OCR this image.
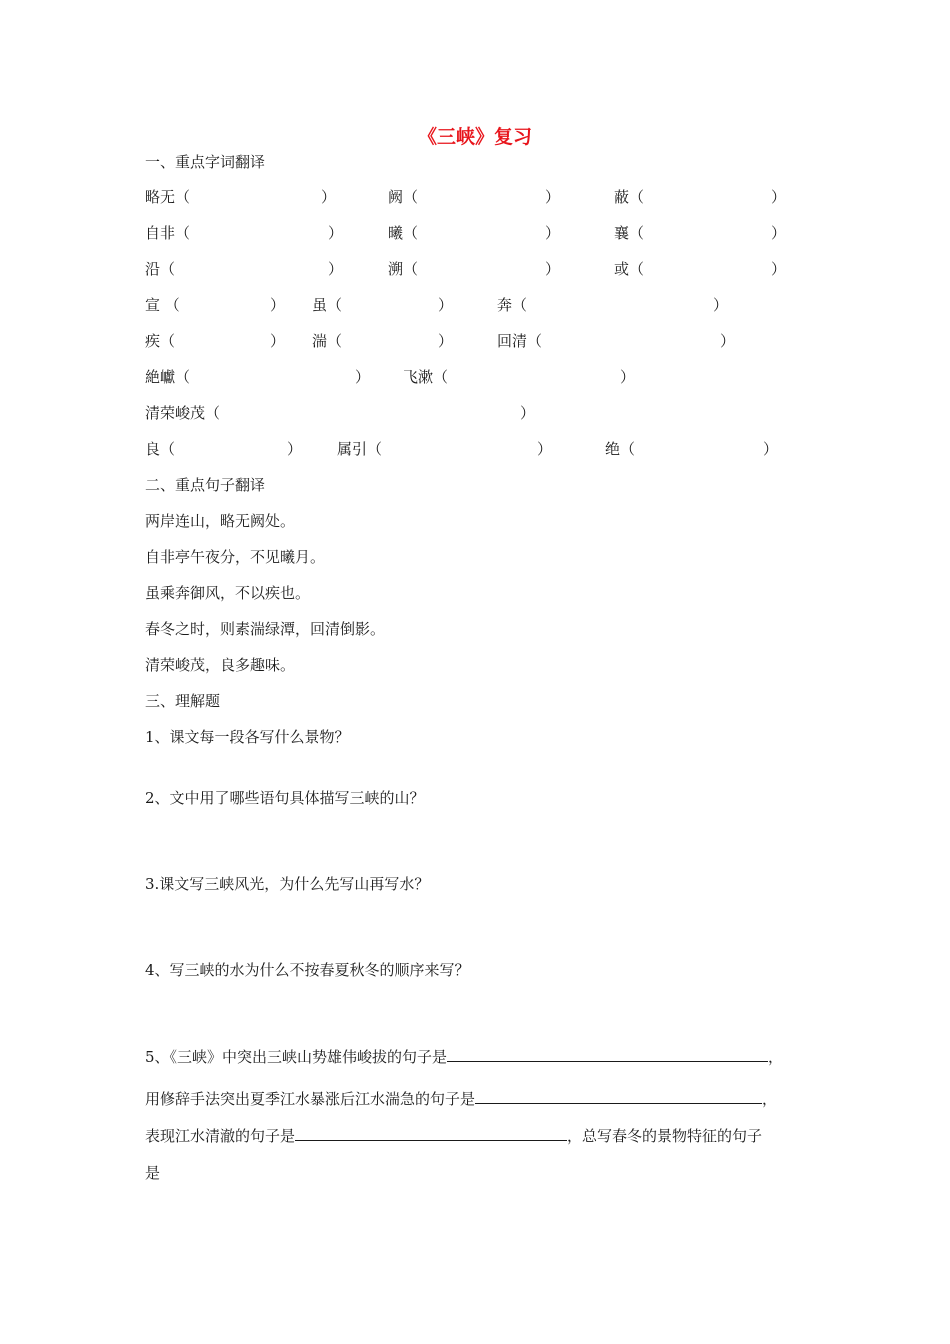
《三峡》复习
一、重点字词翻译
略无（	）	阙（	）	蔽（	）
自非（	）	曦（	）	襄（	）
沿（	）	溯（	）	或（	）
宣 （	） 虽（	）	奔（	）
疾（	） 湍（	）	回清（	）
絶巘（	） 飞漱（	）
清荣峻茂（	）
良（	） 属引（	）	绝（	）
二、重点句子翻译
两岸连山，略无阙处。
自非亭午夜分，不见曦月。
虽乘奔御风，不以疾也。
春冬之时，则素湍绿潭，回清倒影。
清荣峻茂，良多趣味。
三、理解题
1、课文每一段各写什么景物？
2、文中用了哪些语句具体描写三峡的山？
3.课文写三峡风光，为什么先写山再写水？
4、写三峡的水为什么不按春夏秋冬的顺序来写？
5、《三峡》中突出三峡山势雄伟峻拔的句子是	，
用修辞手法突出夏季江水暴涨后江水湍急的句子是	，
表现江水清澈的句子是	，总写春冬的景物特征的句子
是
